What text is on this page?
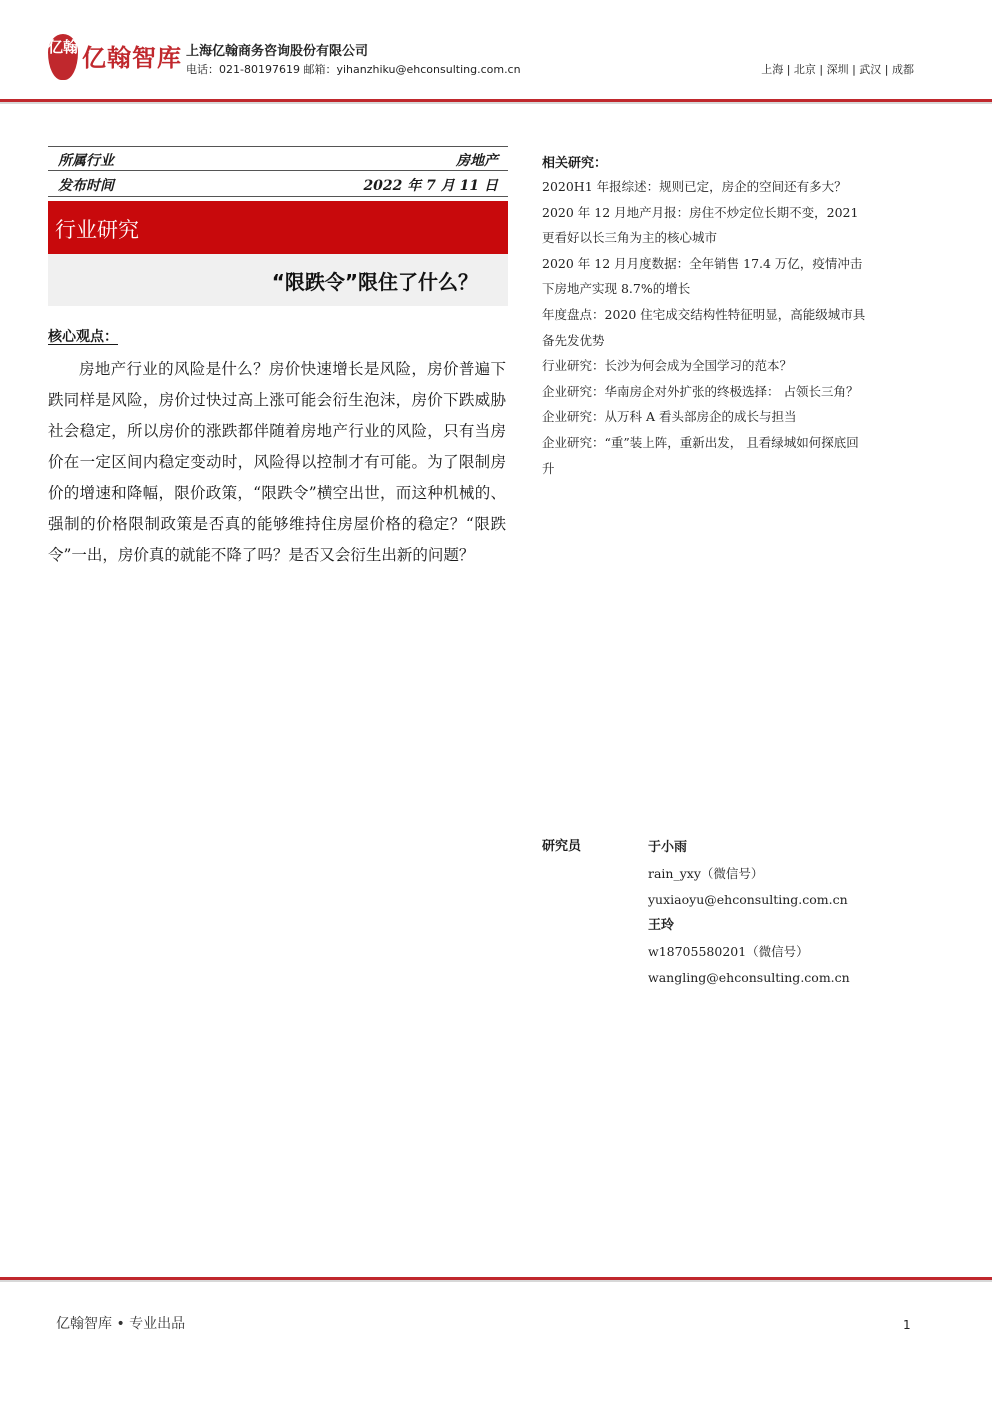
亿翰 亿翰智库 上海亿翰商务咨询股份有限公司
电话：021-80197619 邮箱：yihanzhiku@ehconsulting.com.cn	上海 | 北京 | 深圳 | 武汉 | 成都
所属行业	房地产
发布时间	2022 年 7 月 11 日
行业研究
“限跌令”限住了什么？
核心观点：
房地产行业的风险是什么？房价快速增长是风险，房价普遍下跌同样是风险，房价过快过高上涨可能会衍生泡沫，房价下跌威胁社会稳定，所以房价的涨跌都伴随着房地产行业的风险，只有当房价在一定区间内稳定变动时，风险得以控制才有可能。为了限制房价的增速和降幅，限价政策，“限跌令”横空出世，而这种机械的、强制的价格限制政策是否真的能够维持住房屋价格的稳定？“限跌令”一出，房价真的就能不降了吗？是否又会衍生出新的问题？
相关研究：
2020H1 年报综述：规则已定，房企的空间还有多大？
2020 年 12 月地产月报：房住不炒定位长期不变，2021 更看好以长三角为主的核心城市
2020 年 12 月月度数据：全年销售 17.4 万亿，疫情冲击下房地产实现 8.7%的增长
年度盘点：2020 住宅成交结构性特征明显，高能级城市具备先发优势
行业研究：长沙为何会成为全国学习的范本？
企业研究：华南房企对外扩张的终极选择： 占领长三角？
企业研究：从万科 A 看头部房企的成长与担当
企业研究：“重”装上阵，重新出发， 且看绿城如何探底回升
研究员	于小雨
rain_yxy（微信号）
yuxiaoyu@ehconsulting.com.cn
王玲
w18705580201（微信号）
wangling@ehconsulting.com.cn
亿翰智库 • 专业出品	1
